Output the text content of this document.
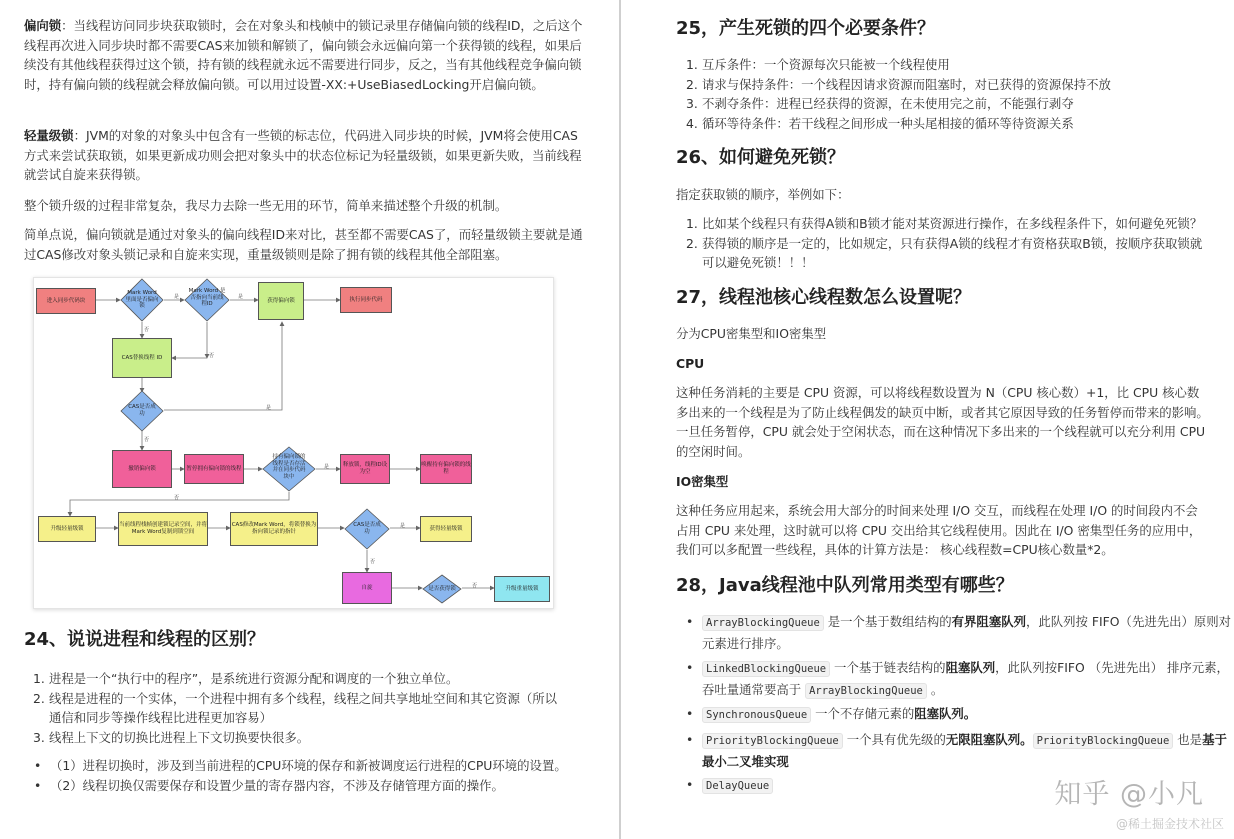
偏向锁：当线程访问同步块获取锁时，会在对象头和栈帧中的锁记录里存储偏向锁的线程ID，之后这个线程再次进入同步块时都不需要CAS来加锁和解锁了，偏向锁会永远偏向第一个获得锁的线程，如果后续没有其他线程获得过这个锁，持有锁的线程就永远不需要进行同步，反之，当有其他线程竞争偏向锁时，持有偏向锁的线程就会释放偏向锁。可以用过设置-XX:+UseBiasedLocking开启偏向锁。

轻量级锁：JVM的对象的对象头中包含有一些锁的标志位，代码进入同步块的时候，JVM将会使用CAS方式来尝试获取锁，如果更新成功则会把对象头中的状态位标记为轻量级锁，如果更新失败，当前线程就尝试自旋来获得锁。

整个锁升级的过程非常复杂，我尽力去除一些无用的环节，简单来描述整个升级的机制。

简单点说，偏向锁就是通过对象头的偏向线程ID来对比，甚至都不需要CAS了，而轻量级锁主要就是通过CAS修改对象头锁记录和自旋来实现，重量级锁则是除了拥有锁的线程其他全部阻塞。

进入同步代码块
Mark Word 里面是否偏向锁
Mark Word 是否指向当前线程ID
获得偏向锁	执行同步代码
CAS替换线程 ID
CAS是否成功
撤销偏向锁	暂停拥有偏向锁的线程
持有偏向锁的线程是否存活并在同步代码块中
释放锁，线程ID设为空
唤醒持有偏向锁的线程
升级轻量级锁
当前线程栈帧创建锁记录空间，并将Mark Word复制到锁空间
CAS修改Mark Word，将锁替换为指向锁记录的指针
CAS是否成功	获得轻量级锁
自旋	是否获得锁	升级重量级锁
是	是
否
否
是
否
是
否
是
否
否
24、说说进程和线程的区别？
1. 进程是一个“执行中的程序”，是系统进行资源分配和调度的一个独立单位。
2. 线程是进程的一个实体，一个进程中拥有多个线程，线程之间共享地址空间和其它资源（所以通信和同步等操作线程比进程更加容易）
3. 线程上下文的切换比进程上下文切换要快很多。
• （1）进程切换时，涉及到当前进程的CPU环境的保存和新被调度运行进程的CPU环境的设置。
• （2）线程切换仅需要保存和设置少量的寄存器内容，不涉及存储管理方面的操作。
25，产生死锁的四个必要条件？
1. 互斥条件：一个资源每次只能被一个线程使用
2. 请求与保持条件：一个线程因请求资源而阻塞时，对已获得的资源保持不放
3. 不剥夺条件：进程已经获得的资源，在未使用完之前，不能强行剥夺
4. 循环等待条件：若干线程之间形成一种头尾相接的循环等待资源关系
26、如何避免死锁？

指定获取锁的顺序，举例如下：

1. 比如某个线程只有获得A锁和B锁才能对某资源进行操作，在多线程条件下，如何避免死锁？
2. 获得锁的顺序是一定的，比如规定，只有获得A锁的线程才有资格获取B锁，按顺序获取锁就可以避免死锁！！！
27，线程池核心线程数怎么设置呢？

分为CPU密集型和IO密集型

CPU

这种任务消耗的主要是 CPU 资源，可以将线程数设置为 N（CPU 核心数）+1，比 CPU 核心数多出来的一个线程是为了防止线程偶发的缺页中断，或者其它原因导致的任务暂停而带来的影响。一旦任务暂停，CPU 就会处于空闲状态，而在这种情况下多出来的一个线程就可以充分利用 CPU 的空闲时间。

IO密集型

这种任务应用起来，系统会用大部分的时间来处理 I/O 交互，而线程在处理 I/O 的时间段内不会占用 CPU 来处理，这时就可以将 CPU 交出给其它线程使用。因此在 I/O 密集型任务的应用中，我们可以多配置一些线程，具体的计算方法是： 核心线程数=CPU核心数量*2。

28，Java线程池中队列常用类型有哪些？
• ArrayBlockingQueue 是一个基于数组结构的有界阻塞队列，此队列按 FIFO（先进先出）原则对元素进行排序。
• LinkedBlockingQueue 一个基于链表结构的阻塞队列，此队列按FIFO （先进先出） 排序元素，吞吐量通常要高于 ArrayBlockingQueue 。
• SynchronousQueue 一个不存储元素的阻塞队列。
• PriorityBlockingQueue 一个具有优先级的无限阻塞队列。 PriorityBlockingQueue 也是基于最小二叉堆实现
• DelayQueue	知乎 @小凡
@稀土掘金技术社区
